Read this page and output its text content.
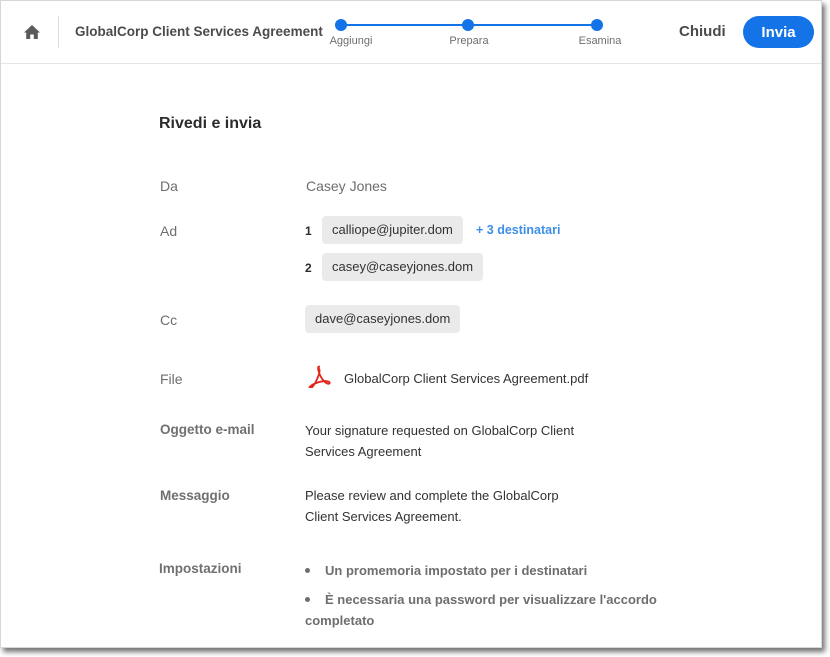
GlobalCorp Client Services Agreement
Aggiungi	Prepara	Esamina
Chiudi	Invia
Rivedi e invia
Da	Casey Jones
Ad	1	calliope@jupiter.dom	+ 3 destinatari
2	casey@caseyjones.dom
Cc	dave@caseyjones.dom
File	GlobalCorp Client Services Agreement.pdf
Oggetto e-mail	Your signature requested on GlobalCorp Client
Services Agreement
Messaggio	Please review and complete the GlobalCorp
Client Services Agreement.
Impostazioni	Un promemoria impostato per i destinatari
È necessaria una password per visualizzare l'accordo
completato
